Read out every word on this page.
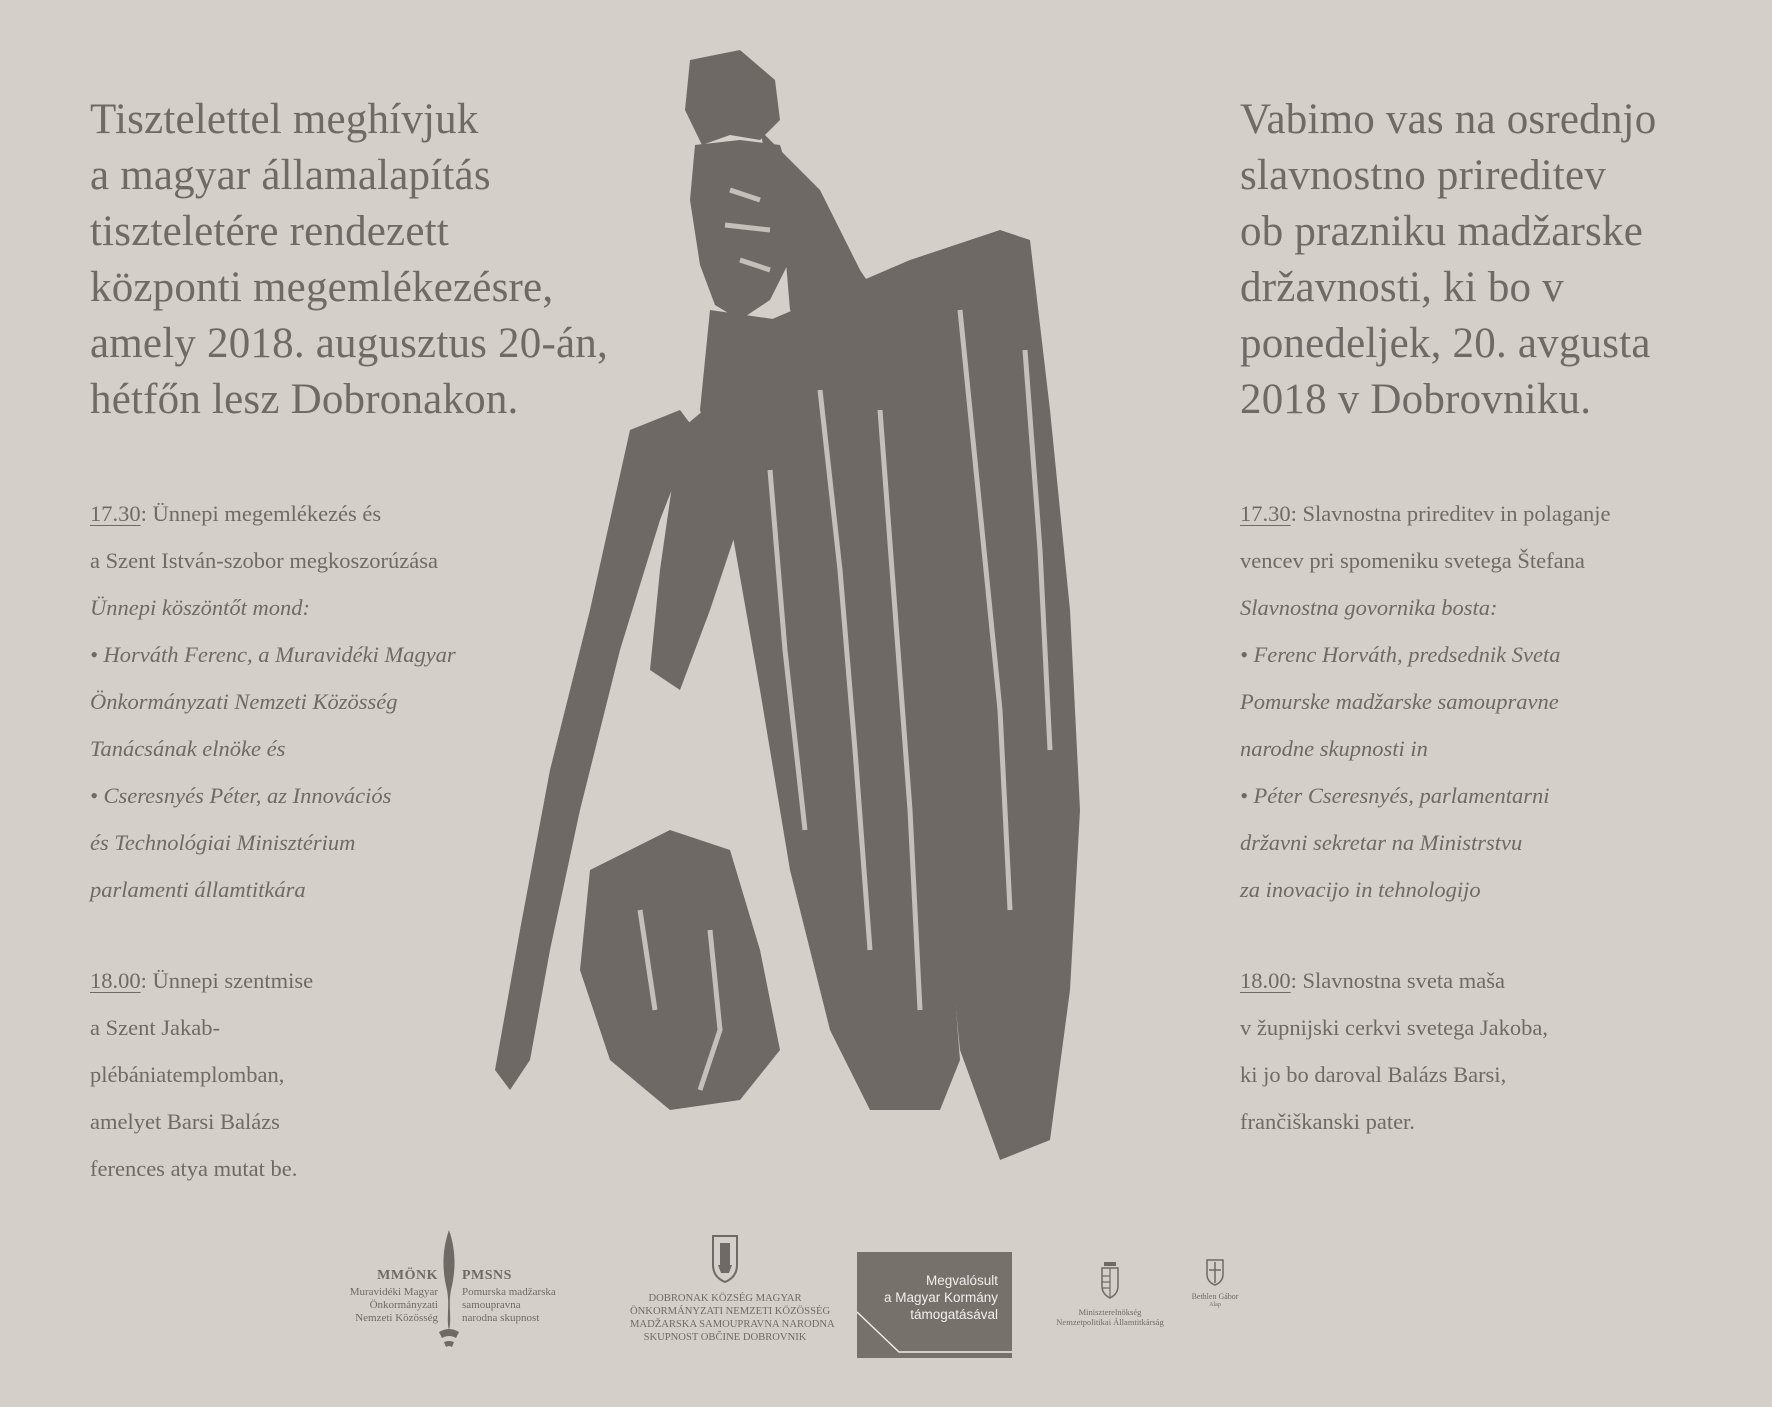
Tisztelettel meghívjuk
a magyar államalapítás
tiszteletére rendezett
központi megemlékezésre,
amely 2018. augusztus 20-án,
hétfőn lesz Dobronakon.
17.30: Ünnepi megemlékezés és
a Szent István-szobor megkoszorúzása
Ünnepi köszöntőt mond:
• Horváth Ferenc, a Muravidéki Magyar
Önkormányzati Nemzeti Közösség
Tanácsának elnöke és
• Cseresnyés Péter, az Innovációs
és Technológiai Minisztérium
parlamenti államtitkára
18.00: Ünnepi szentmise
a Szent Jakab-
plébániatemplomban,
amelyet Barsi Balázs
ferences atya mutat be.
Vabimo vas na osrednjo
slavnostno prireditev
ob prazniku madžarske
državnosti, ki bo v
ponedeljek, 20. avgusta
2018 v Dobrovniku.
17.30: Slavnostna prireditev in polaganje
vencev pri spomeniku svetega Štefana
Slavnostna govornika bosta:
• Ferenc Horváth, predsednik Sveta
Pomurske madžarske samoupravne
narodne skupnosti in
• Péter Cseresnyés, parlamentarni
državni sekretar na Ministrstvu
za inovacijo in tehnologijo
18.00: Slavnostna sveta maša
v župnijski cerkvi svetega Jakoba,
ki jo bo daroval Balázs Barsi,
frančiškanski pater.
MMÖNK PMSNS
Muravidéki Magyar
Önkormányzati
Nemzeti Közösség
Pomurska madžarska
samoupravna
narodna skupnost
DOBRONAK KÖZSÉG MAGYAR
ÖNKORMÁNYZATI NEMZETI KÖZÖSSÉG
MADŽARSKA SAMOUPRAVNA NARODNA
SKUPNOST OBČINE DOBROVNIK
Megvalósult
a Magyar Kormány
támogatásával	Miniszterelnökség
Nemzetpolitikai Államtitkárság
Bethlen Gábor
Alap
